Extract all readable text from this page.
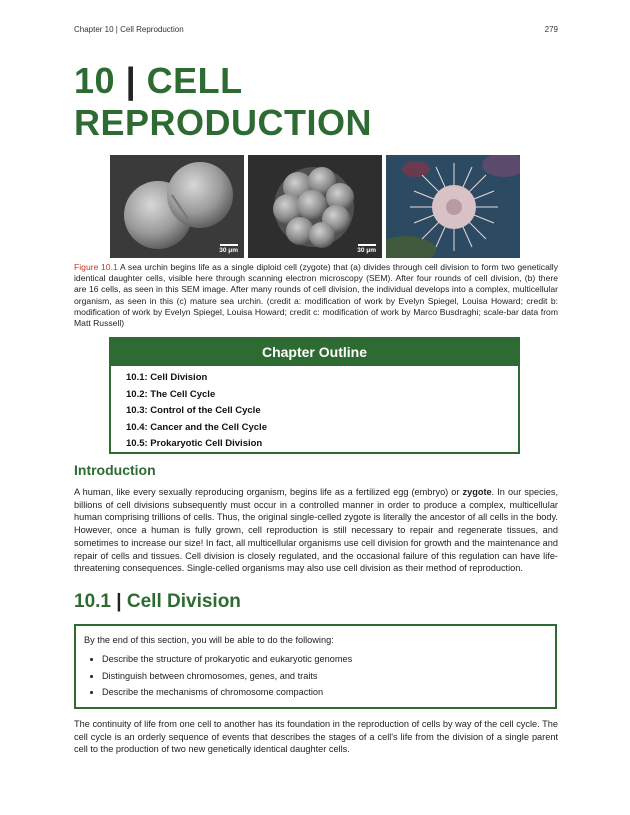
Chapter 10 | Cell Reproduction	279
10 | CELL
REPRODUCTION
30 μm	30 μm
Figure 10.1 A sea urchin begins life as a single diploid cell (zygote) that (a) divides through cell division to form two genetically identical daughter cells, visible here through scanning electron microscopy (SEM). After four rounds of cell division, (b) there are 16 cells, as seen in this SEM image. After many rounds of cell division, the individual develops into a complex, multicellular organism, as seen in this (c) mature sea urchin. (credit a: modification of work by Evelyn Spiegel, Louisa Howard; credit b: modification of work by Evelyn Spiegel, Louisa Howard; credit c: modification of work by Marco Busdraghi; scale-bar data from Matt Russell)
Chapter Outline
10.1: Cell Division
10.2: The Cell Cycle
10.3: Control of the Cell Cycle
10.4: Cancer and the Cell Cycle
10.5: Prokaryotic Cell Division
Introduction
A human, like every sexually reproducing organism, begins life as a fertilized egg (embryo) or zygote. In our species, billions of cell divisions subsequently must occur in a controlled manner in order to produce a complex, multicellular human comprising trillions of cells. Thus, the original single-celled zygote is literally the ancestor of all cells in the body. However, once a human is fully grown, cell reproduction is still necessary to repair and regenerate tissues, and sometimes to increase our size! In fact, all multicellular organisms use cell division for growth and the maintenance and repair of cells and tissues. Cell division is closely regulated, and the occasional failure of this regulation can have life-threatening consequences. Single-celled organisms may also use cell division as their method of reproduction.
10.1 | Cell Division
By the end of this section, you will be able to do the following:
• Describe the structure of prokaryotic and eukaryotic genomes
• Distinguish between chromosomes, genes, and traits
• Describe the mechanisms of chromosome compaction
The continuity of life from one cell to another has its foundation in the reproduction of cells by way of the cell cycle. The cell cycle is an orderly sequence of events that describes the stages of a cell's life from the division of a single parent cell to the production of two new genetically identical daughter cells.
